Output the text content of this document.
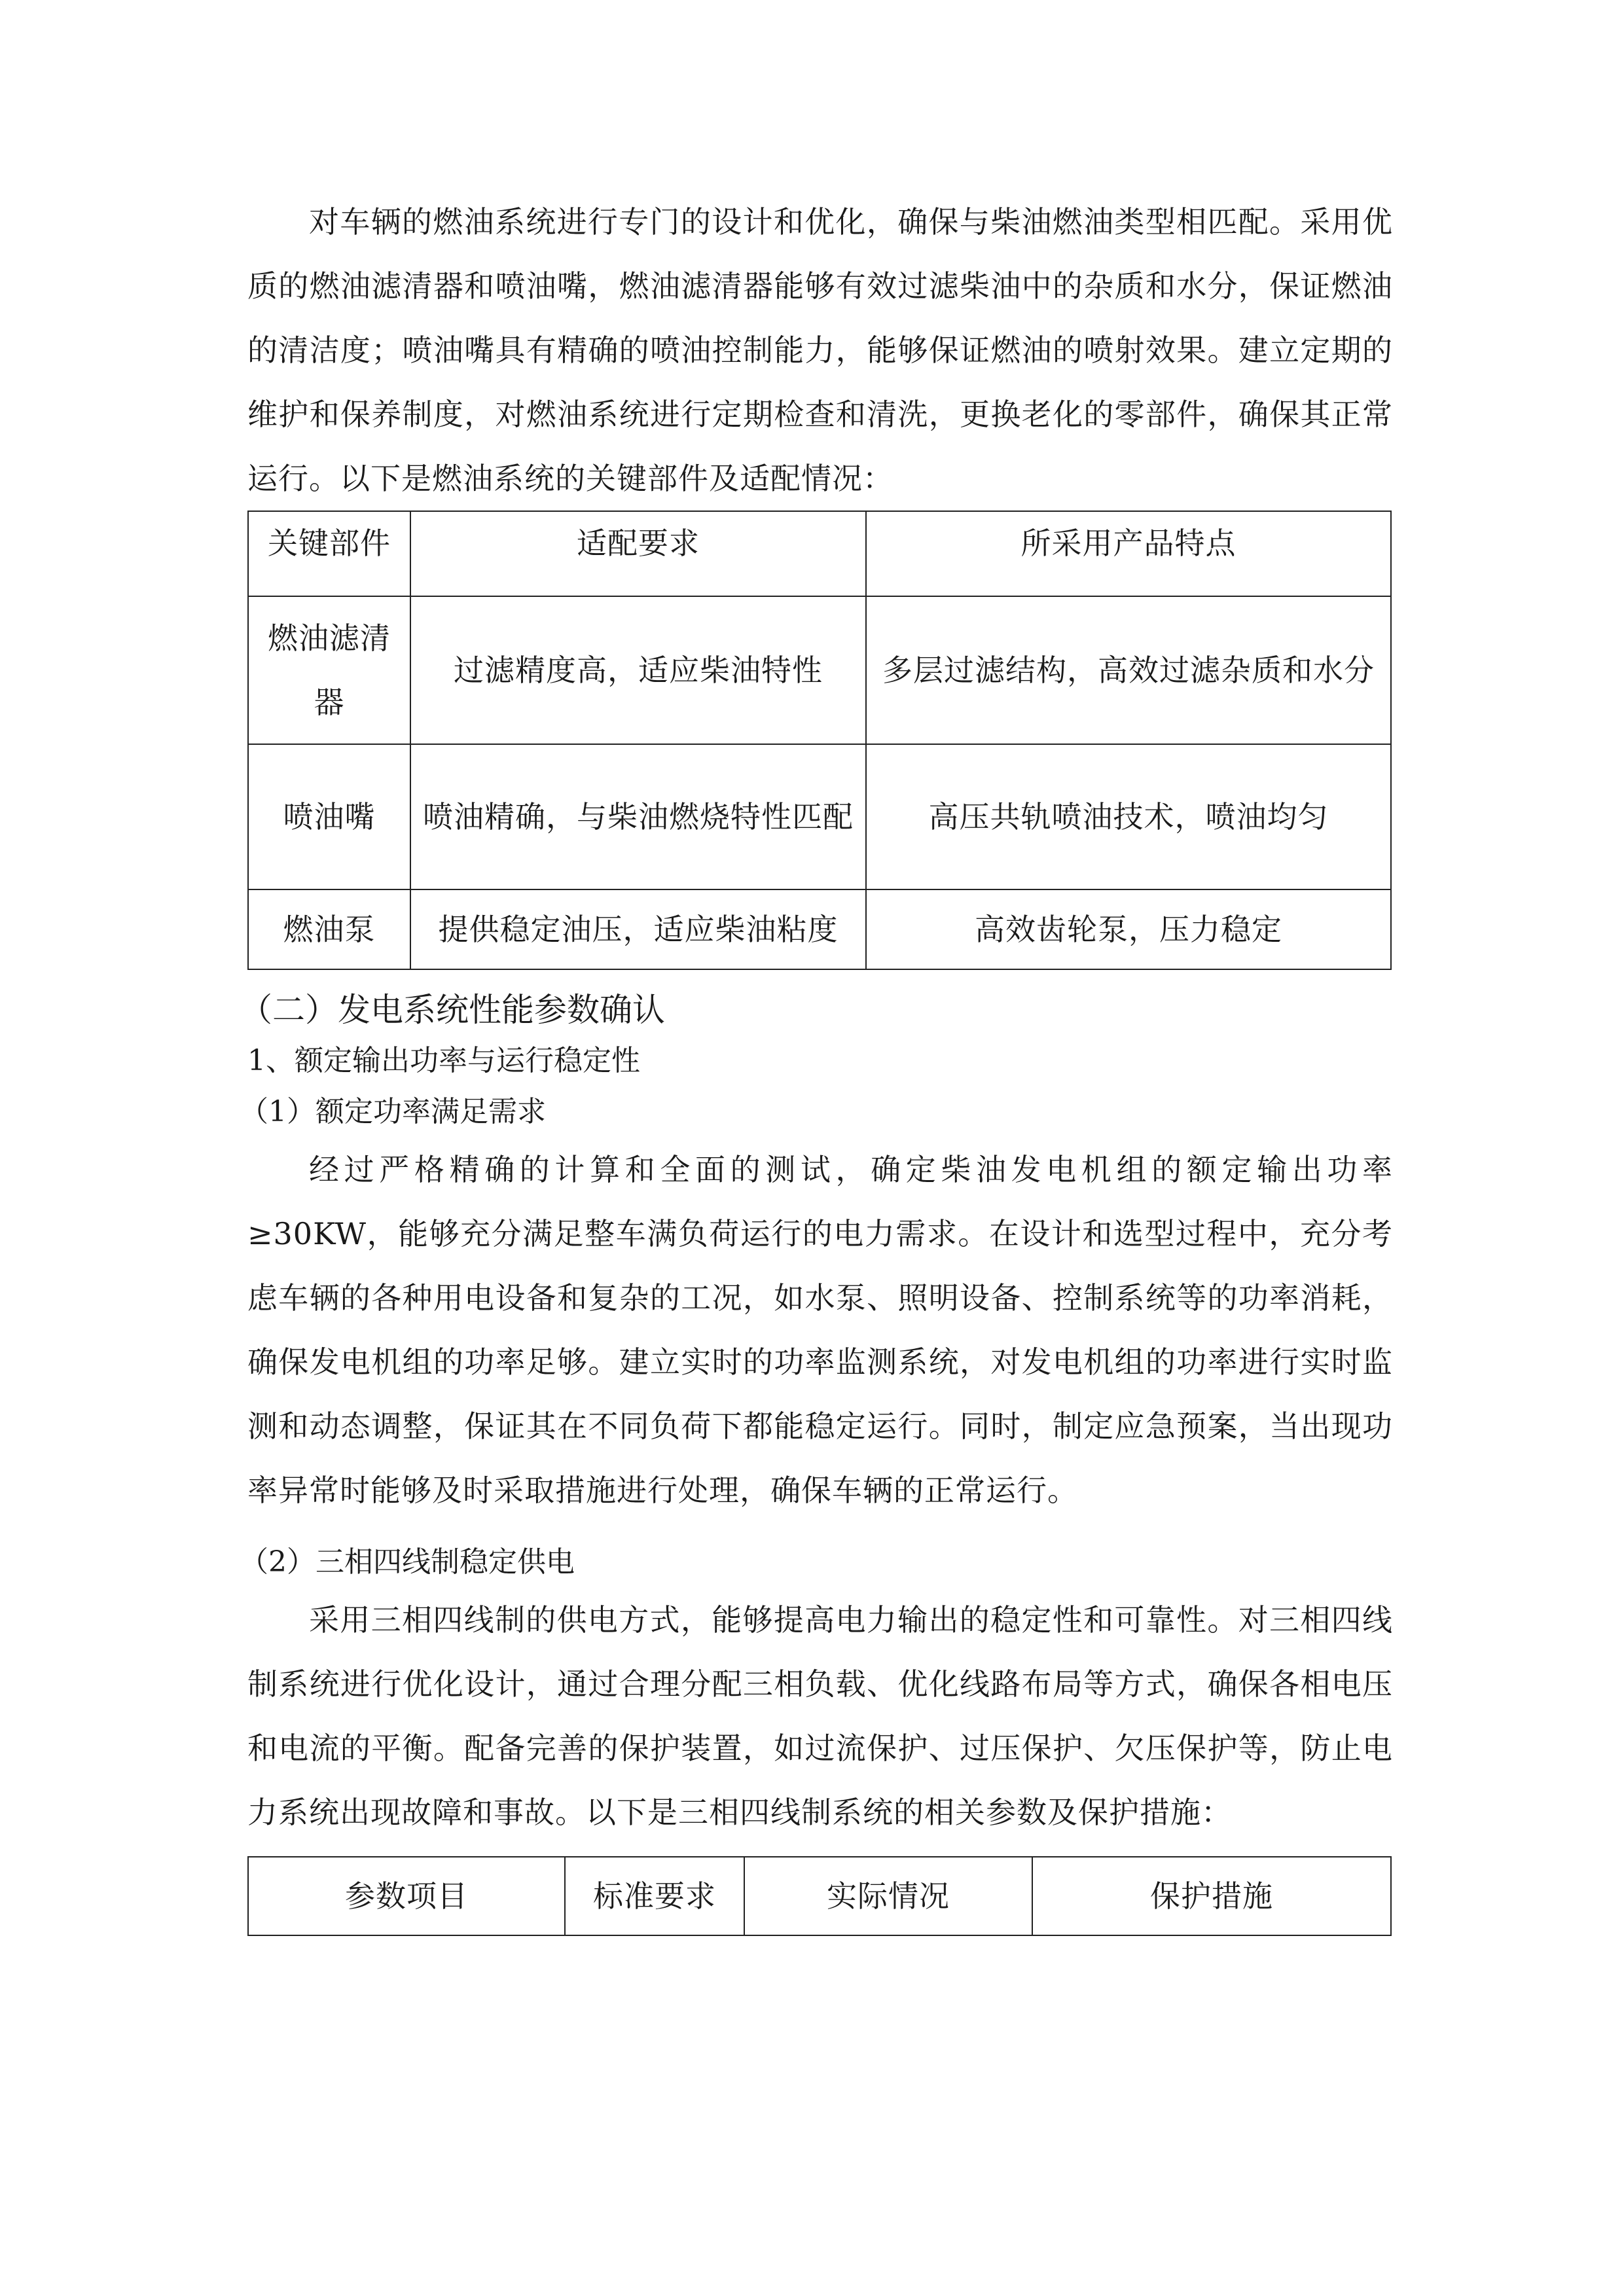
对车辆的燃油系统进行专门的设计和优化，确保与柴油燃油类型相匹配。采用优质的燃油滤清器和喷油嘴，燃油滤清器能够有效过滤柴油中的杂质和水分，保证燃油的清洁度；喷油嘴具有精确的喷油控制能力，能够保证燃油的喷射效果。建立定期的维护和保养制度，对燃油系统进行定期检查和清洗，更换老化的零部件，确保其正常运行。以下是燃油系统的关键部件及适配情况：

关键部件	适配要求	所采用产品特点
燃油滤清器	过滤精度高，适应柴油特性	多层过滤结构，高效过滤杂质和水分
喷油嘴	喷油精确，与柴油燃烧特性匹配	高压共轨喷油技术，喷油均匀
燃油泵	提供稳定油压，适应柴油粘度	高效齿轮泵，压力稳定
（二）发电系统性能参数确认
1、额定输出功率与运行稳定性
（1）额定功率满足需求

经过严格精确的计算和全面的测试，确定柴油发电机组的额定输出功率≥30KW，能够充分满足整车满负荷运行的电力需求。在设计和选型过程中，充分考虑车辆的各种用电设备和复杂的工况，如水泵、照明设备、控制系统等的功率消耗，确保发电机组的功率足够。建立实时的功率监测系统，对发电机组的功率进行实时监测和动态调整，保证其在不同负荷下都能稳定运行。同时，制定应急预案，当出现功率异常时能够及时采取措施进行处理，确保车辆的正常运行。

（2）三相四线制稳定供电

采用三相四线制的供电方式，能够提高电力输出的稳定性和可靠性。对三相四线制系统进行优化设计，通过合理分配三相负载、优化线路布局等方式，确保各相电压和电流的平衡。配备完善的保护装置，如过流保护、过压保护、欠压保护等，防止电力系统出现故障和事故。以下是三相四线制系统的相关参数及保护措施：

参数项目	标准要求	实际情况	保护措施
